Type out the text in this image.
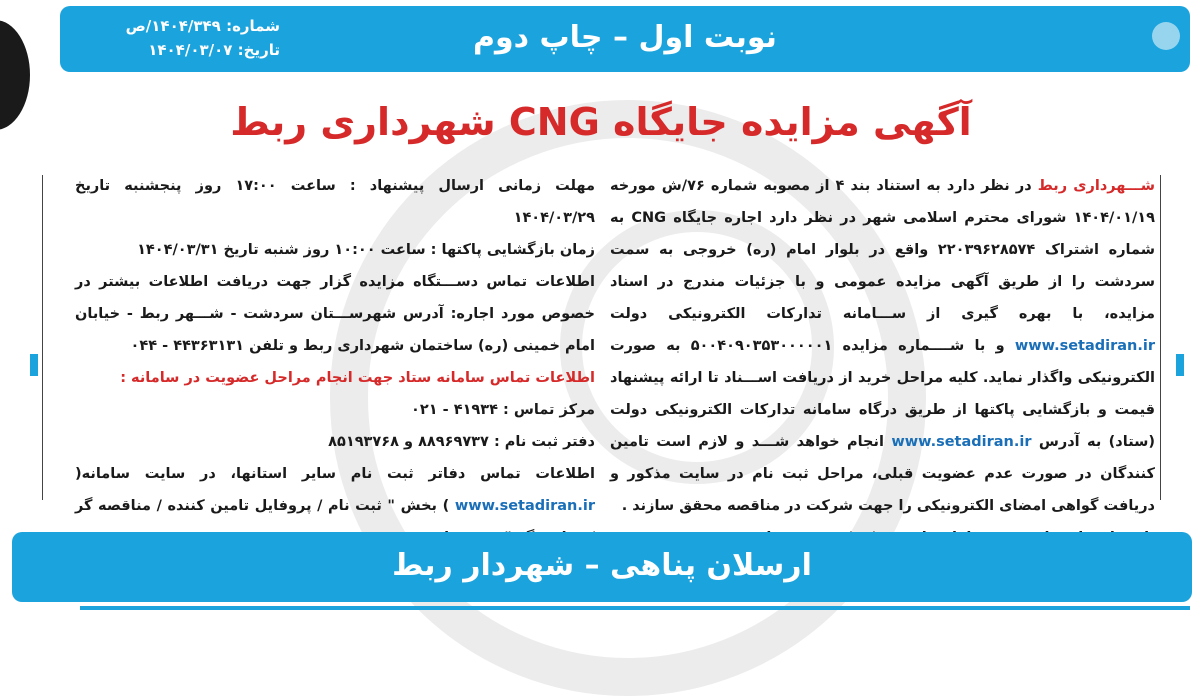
نوبت اول – چاپ دوم
شماره: ۱۴۰۴/۳۴۹/ص
تاریخ: ۱۴۰۴/۰۳/۰۷
آگهی مزایده جایگاه CNG شهرداری ربط
شـــهرداری ربط در نظر دارد به استناد بند ۴ از مصوبه شماره ۷۶/ش مورخه ۱۴۰۴/۰۱/۱۹ شورای محترم اسلامی شهر در نظر دارد اجاره جایگاه CNG به شماره اشتراک ۲۲۰۳۹۶۲۸۵۷۴ واقع در بلوار امام (ره) خروجی به سمت سردشت را از طریق آگهی مزایده عمومی و با جزئیات مندرج در اسناد مزایده، با بهره گیری از ســـامانه تدارکات الکترونیکی دولت www.setadiran.ir و با شــــماره مزایده ۵۰۰۴۰۹۰۳۵۳۰۰۰۰۰۱ به صورت الکترونیکی واگذار نماید. کلیه مراحل خرید از دریافت اســـناد تا ارائه پیشنهاد قیمت و بازگشایی پاکتها از طریق درگاه سامانه تدارکات الکترونیکی دولت (ستاد) به آدرس www.setadiran.ir انجام خواهد شـــد و لازم است تامین کنندگان در صورت عدم عضویت قبلی، مراحل ثبت نام در سایت مذکور و دریافت گواهی امضای الکترونیکی را جهت شرکت در مناقصه محقق سازند .
مهلت زمانی ارسال پیشنهاد : ساعت ۱۷:۰۰ روز پنجشنبه تاریخ ۱۴۰۴/۰۳/۲۹
زمان بازگشایی پاکتها : ساعت ۱۰:۰۰ روز شنبه تاریخ ۱۴۰۴/۰۳/۳۱
اطلاعات تماس دســـتگاه مزایده گزار جهت دریافت اطلاعات بیشتر در خصوص مورد اجاره: آدرس شهرســـتان سردشت - شـــهر ربط - خیابان امام خمینی (ره) ساختمان شهرداری ربط و تلفن ۴۴۳۶۳۱۳۱ - ۰۴۴
اطلاعات تماس سامانه ستاد جهت انجام مراحل عضویت در سامانه :
مرکز تماس : ۴۱۹۳۴ - ۰۲۱
دفتر ثبت نام : ۸۸۹۶۹۷۳۷ و ۸۵۱۹۳۷۶۸
اطلاعات تماس دفاتر ثبت نام سایر استانها، در سایت سامانه( www.setadiran.ir ) بخش " ثبت نام / پروفایل تامین کننده / مناقصه گر
ارسلان پناهی – شهردار ربط
